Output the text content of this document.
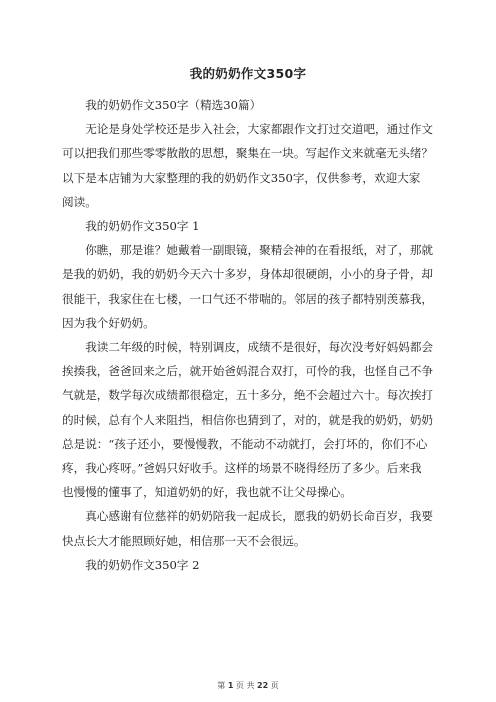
我的奶奶作文350字

我的奶奶作文350字（精选30篇）

无论是身处学校还是步入社会，大家都跟作文打过交道吧，通过作文
可以把我们那些零零散散的思想，聚集在一块。写起作文来就毫无头绪？
以下是本店铺为大家整理的我的奶奶作文350字，仅供参考，欢迎大家
阅读。

我的奶奶作文350字 1

你瞧，那是谁？她戴着一副眼镜，聚精会神的在看报纸，对了，那就
是我的奶奶，我的奶奶今天六十多岁，身体却很硬朗，小小的身子骨，却
很能干，我家住在七楼，一口气还不带喘的。邻居的孩子都特别羡慕我，
因为我个好奶奶。

我读二年级的时候，特别调皮，成绩不是很好，每次没考好妈妈都会
挨揍我，爸爸回来之后，就开始爸妈混合双打，可怜的我，也怪自己不争
气就是，数学每次成绩都很稳定，五十多分，绝不会超过六十。每次挨打
的时候，总有个人来阻挡，相信你也猜到了，对的，就是我的奶奶，奶奶
总是说：“孩子还小，要慢慢教，不能动不动就打，会打坏的，你们不心
疼，我心疼呀。”爸妈只好收手。这样的场景不晓得经历了多少。后来我
也慢慢的懂事了，知道奶奶的好，我也就不让父母操心。

真心感谢有位慈祥的奶奶陪我一起成长，愿我的奶奶长命百岁，我要
快点长大才能照顾好她，相信那一天不会很远。

我的奶奶作文350字 2

第 1 页 共 22 页
